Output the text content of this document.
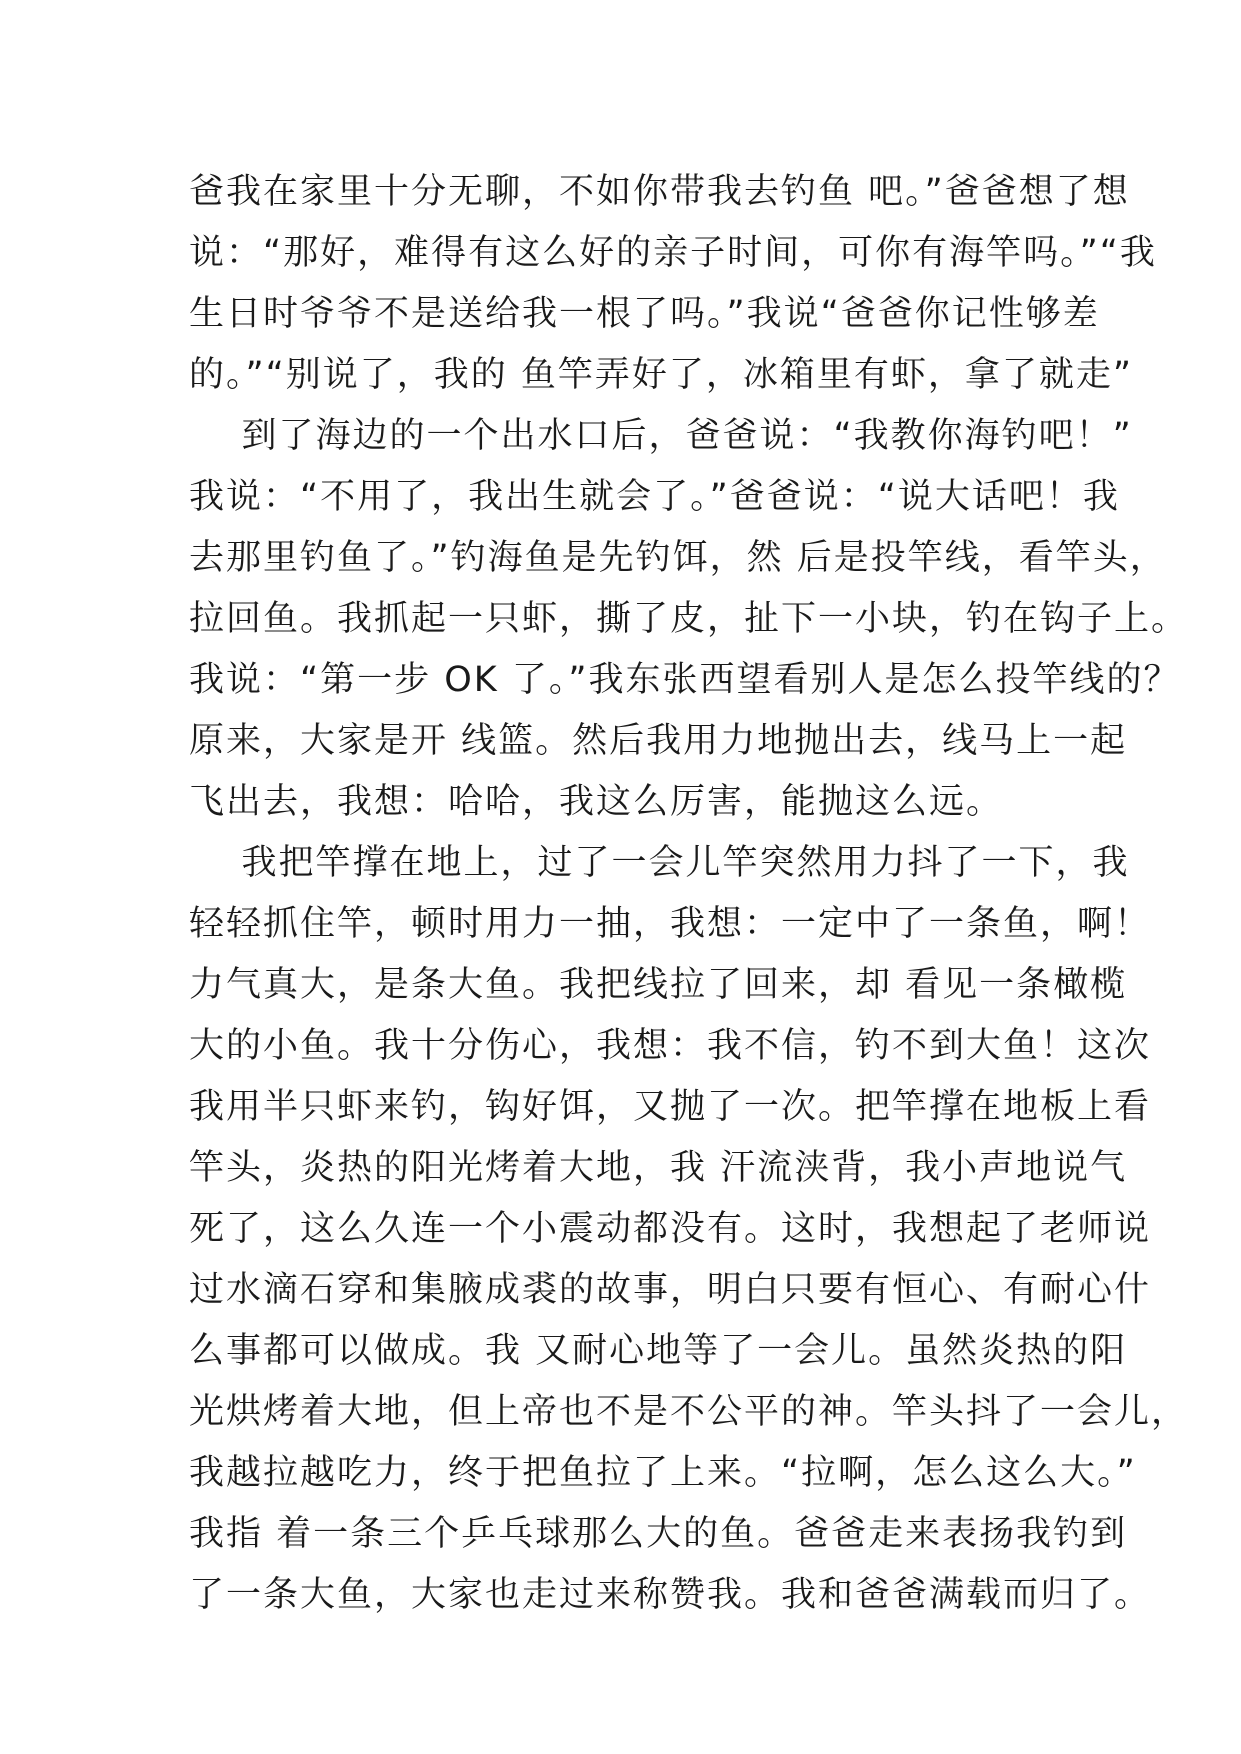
爸我在家里十分无聊，不如你带我去钓鱼 吧。”爸爸想了想
说：“那好，难得有这么好的亲子时间，可你有海竿吗。”“我
生日时爷爷不是送给我一根了吗。”我说“爸爸你记性够差
的。”“别说了，我的 鱼竿弄好了，冰箱里有虾，拿了就走”
到了海边的一个出水口后，爸爸说：“我教你海钓吧！”
我说：“不用了，我出生就会了。”爸爸说：“说大话吧！我
去那里钓鱼了。”钓海鱼是先钓饵，然 后是投竿线，看竿头，
拉回鱼。我抓起一只虾，撕了皮，扯下一小块，钓在钩子上。
我说：“第一步 OK 了。”我东张西望看别人是怎么投竿线的？
原来，大家是开 线篮。然后我用力地抛出去，线马上一起
飞出去，我想：哈哈，我这么厉害，能抛这么远。
我把竿撑在地上，过了一会儿竿突然用力抖了一下，我
轻轻抓住竿，顿时用力一抽，我想：一定中了一条鱼，啊！
力气真大，是条大鱼。我把线拉了回来，却 看见一条橄榄
大的小鱼。我十分伤心，我想：我不信，钓不到大鱼！这次
我用半只虾来钓，钩好饵，又抛了一次。把竿撑在地板上看
竿头，炎热的阳光烤着大地，我 汗流浃背，我小声地说气
死了，这么久连一个小震动都没有。这时，我想起了老师说
过水滴石穿和集腋成裘的故事，明白只要有恒心、有耐心什
么事都可以做成。我 又耐心地等了一会儿。虽然炎热的阳
光烘烤着大地，但上帝也不是不公平的神。竿头抖了一会儿，
我越拉越吃力，终于把鱼拉了上来。“拉啊，怎么这么大。”
我指 着一条三个乒乓球那么大的鱼。爸爸走来表扬我钓到
了一条大鱼，大家也走过来称赞我。我和爸爸满载而归了。
